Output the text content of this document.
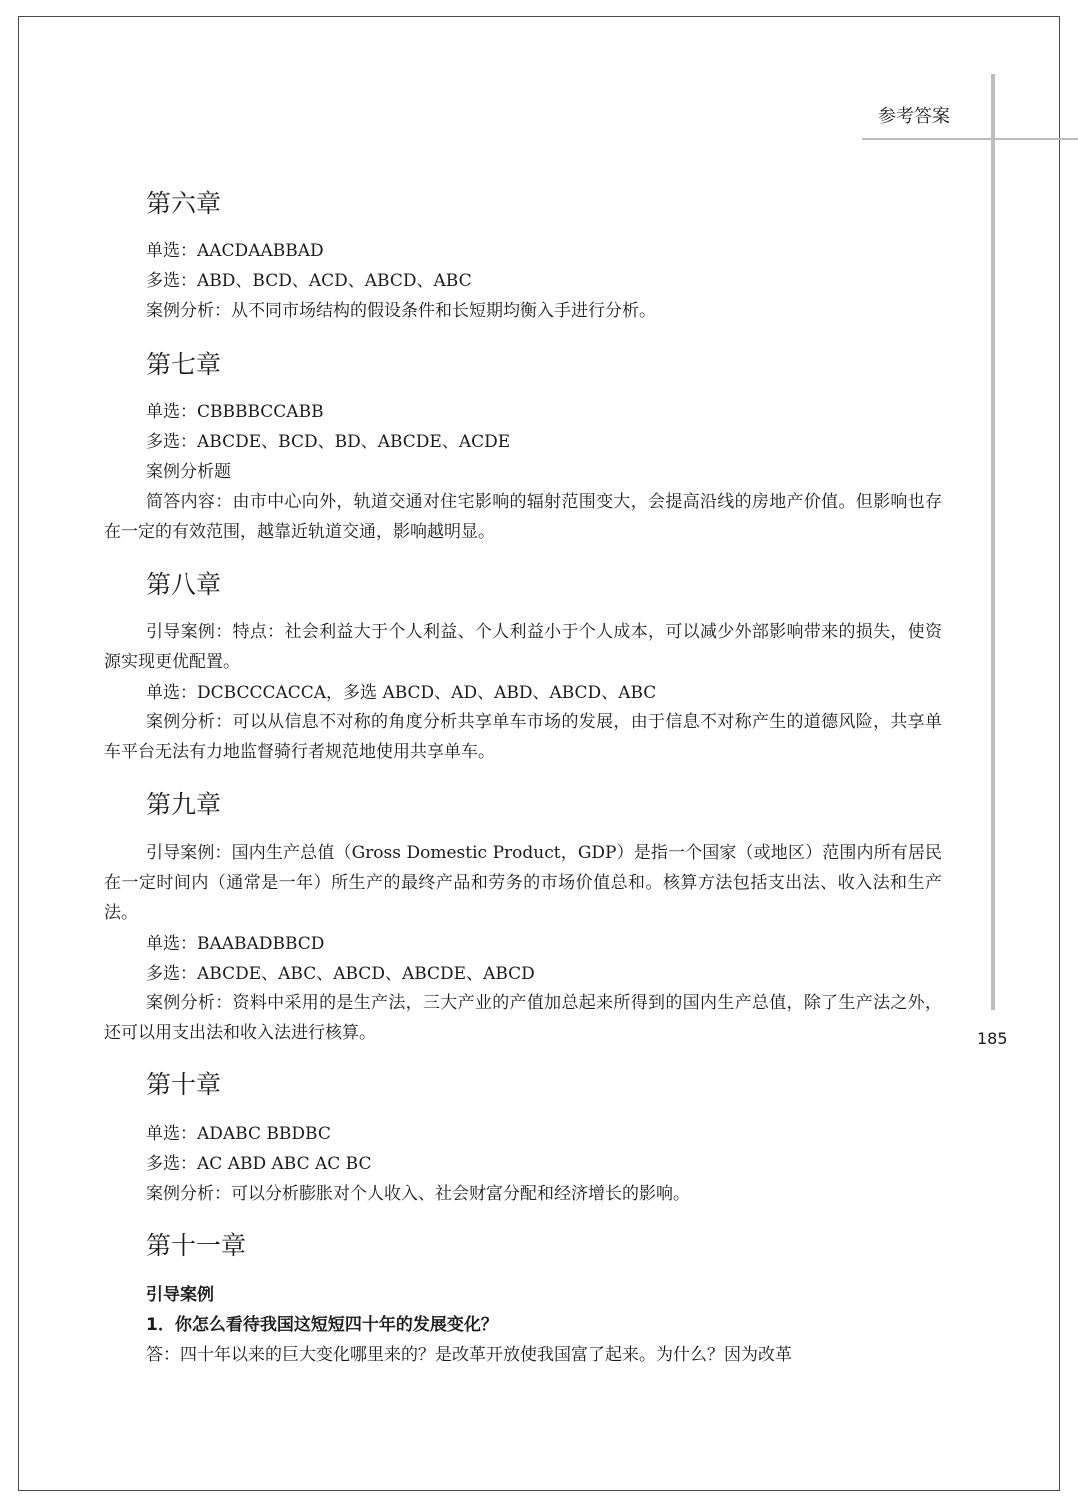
参考答案
185
第六章
单选：AACDAABBAD
多选：ABD、BCD、ACD、ABCD、ABC
案例分析：从不同市场结构的假设条件和长短期均衡入手进行分析。
第七章
单选：CBBBBCCABB
多选：ABCDE、BCD、BD、ABCDE、ACDE
案例分析题

简答内容：由市中心向外，轨道交通对住宅影响的辐射范围变大，会提高沿线的房地产价值。但影响也存在一定的有效范围，越靠近轨道交通，影响越明显。

第八章

引导案例：特点：社会利益大于个人利益、个人利益小于个人成本，可以减少外部影响带来的损失，使资源实现更优配置。

单选：DCBCCCACCA，多选 ABCD、AD、ABD、ABCD、ABC

案例分析：可以从信息不对称的角度分析共享单车市场的发展，由于信息不对称产生的道德风险，共享单车平台无法有力地监督骑行者规范地使用共享单车。

第九章

引导案例：国内生产总值（Gross Domestic Product，GDP）是指一个国家（或地区）范围内所有居民在一定时间内（通常是一年）所生产的最终产品和劳务的市场价值总和。核算方法包括支出法、收入法和生产法。

单选：BAABADBBCD
多选：ABCDE、ABC、ABCD、ABCDE、ABCD

案例分析：资料中采用的是生产法，三大产业的产值加总起来所得到的国内生产总值，除了生产法之外，还可以用支出法和收入法进行核算。

第十章
单选：ADABC BBDBC
多选：AC ABD ABC AC BC
案例分析：可以分析膨胀对个人收入、社会财富分配和经济增长的影响。
第十一章
引导案例
1．你怎么看待我国这短短四十年的发展变化？
答：四十年以来的巨大变化哪里来的？是改革开放使我国富了起来。为什么？因为改革
